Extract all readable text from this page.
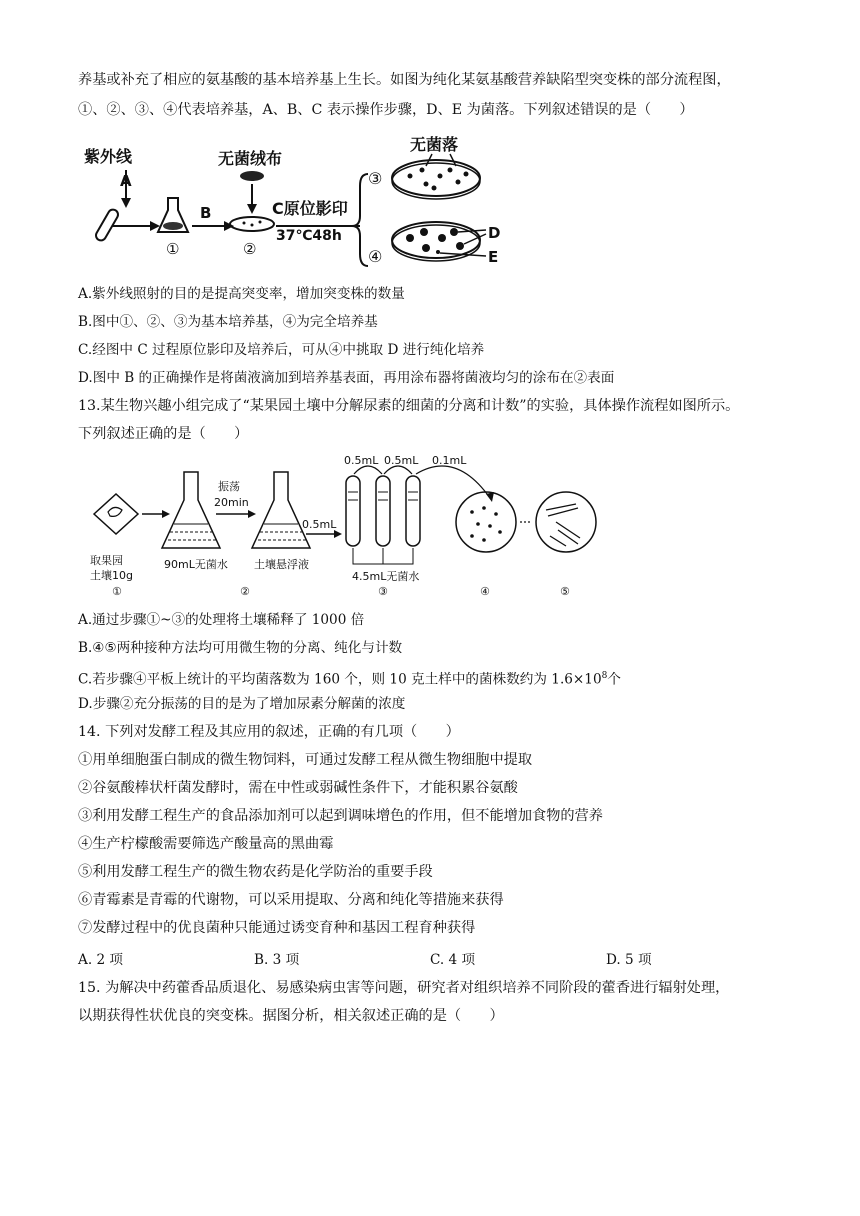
养基或补充了相应的氨基酸的基本培养基上生长。如图为纯化某氨基酸营养缺陷型突变株的部分流程图，
①、②、③、④代表培养基，A、B、C 表示操作步骤，D、E 为菌落。下列叙述错误的是（　　）
紫外线
A
①
B
无菌绒布
②
C原位影印
37℃48h
③
④
无菌落
D
E
A.紫外线照射的目的是提高突变率，增加突变株的数量
B.图中①、②、③为基本培养基，④为完全培养基
C.经图中 C 过程原位影印及培养后，可从④中挑取 D 进行纯化培养
D.图中 B 的正确操作是将菌液滴加到培养基表面，再用涂布器将菌液均匀的涂布在②表面
13.某生物兴趣小组完成了“某果园土壤中分解尿素的细菌的分离和计数”的实验，具体操作流程如图所示。
下列叙述正确的是（　　）
取果园
土壤10g
①
90mL无菌水
②
振荡
20min
土壤悬浮液
0.5mL
0.5mL 0.5mL
4.5mL无菌水
③
0.1mL
④	⑤
A.通过步骤①~③的处理将土壤稀释了 1000 倍
B.④⑤两种接种方法均可用微生物的分离、纯化与计数
C.若步骤④平板上统计的平均菌落数为 160 个，则 10 克土样中的菌株数约为 $1.6\times 10^8$个
D.步骤②充分振荡的目的是为了增加尿素分解菌的浓度
14. 下列对发酵工程及其应用的叙述，正确的有几项（　　）
①用单细胞蛋白制成的微生物饲料，可通过发酵工程从微生物细胞中提取
②谷氨酸棒状杆菌发酵时，需在中性或弱碱性条件下，才能积累谷氨酸
③利用发酵工程生产的食品添加剂可以起到调味增色的作用，但不能增加食物的营养
④生产柠檬酸需要筛选产酸量高的黑曲霉
⑤利用发酵工程生产的微生物农药是化学防治的重要手段
⑥青霉素是青霉的代谢物，可以采用提取、分离和纯化等措施来获得
⑦发酵过程中的优良菌种只能通过诱变育种和基因工程育种获得
A. 2 项	B. 3 项	C. 4 项	D. 5 项
15. 为解决中药藿香品质退化、易感染病虫害等问题，研究者对组织培养不同阶段的藿香进行辐射处理，
以期获得性状优良的突变株。据图分析，相关叙述正确的是（　　）
